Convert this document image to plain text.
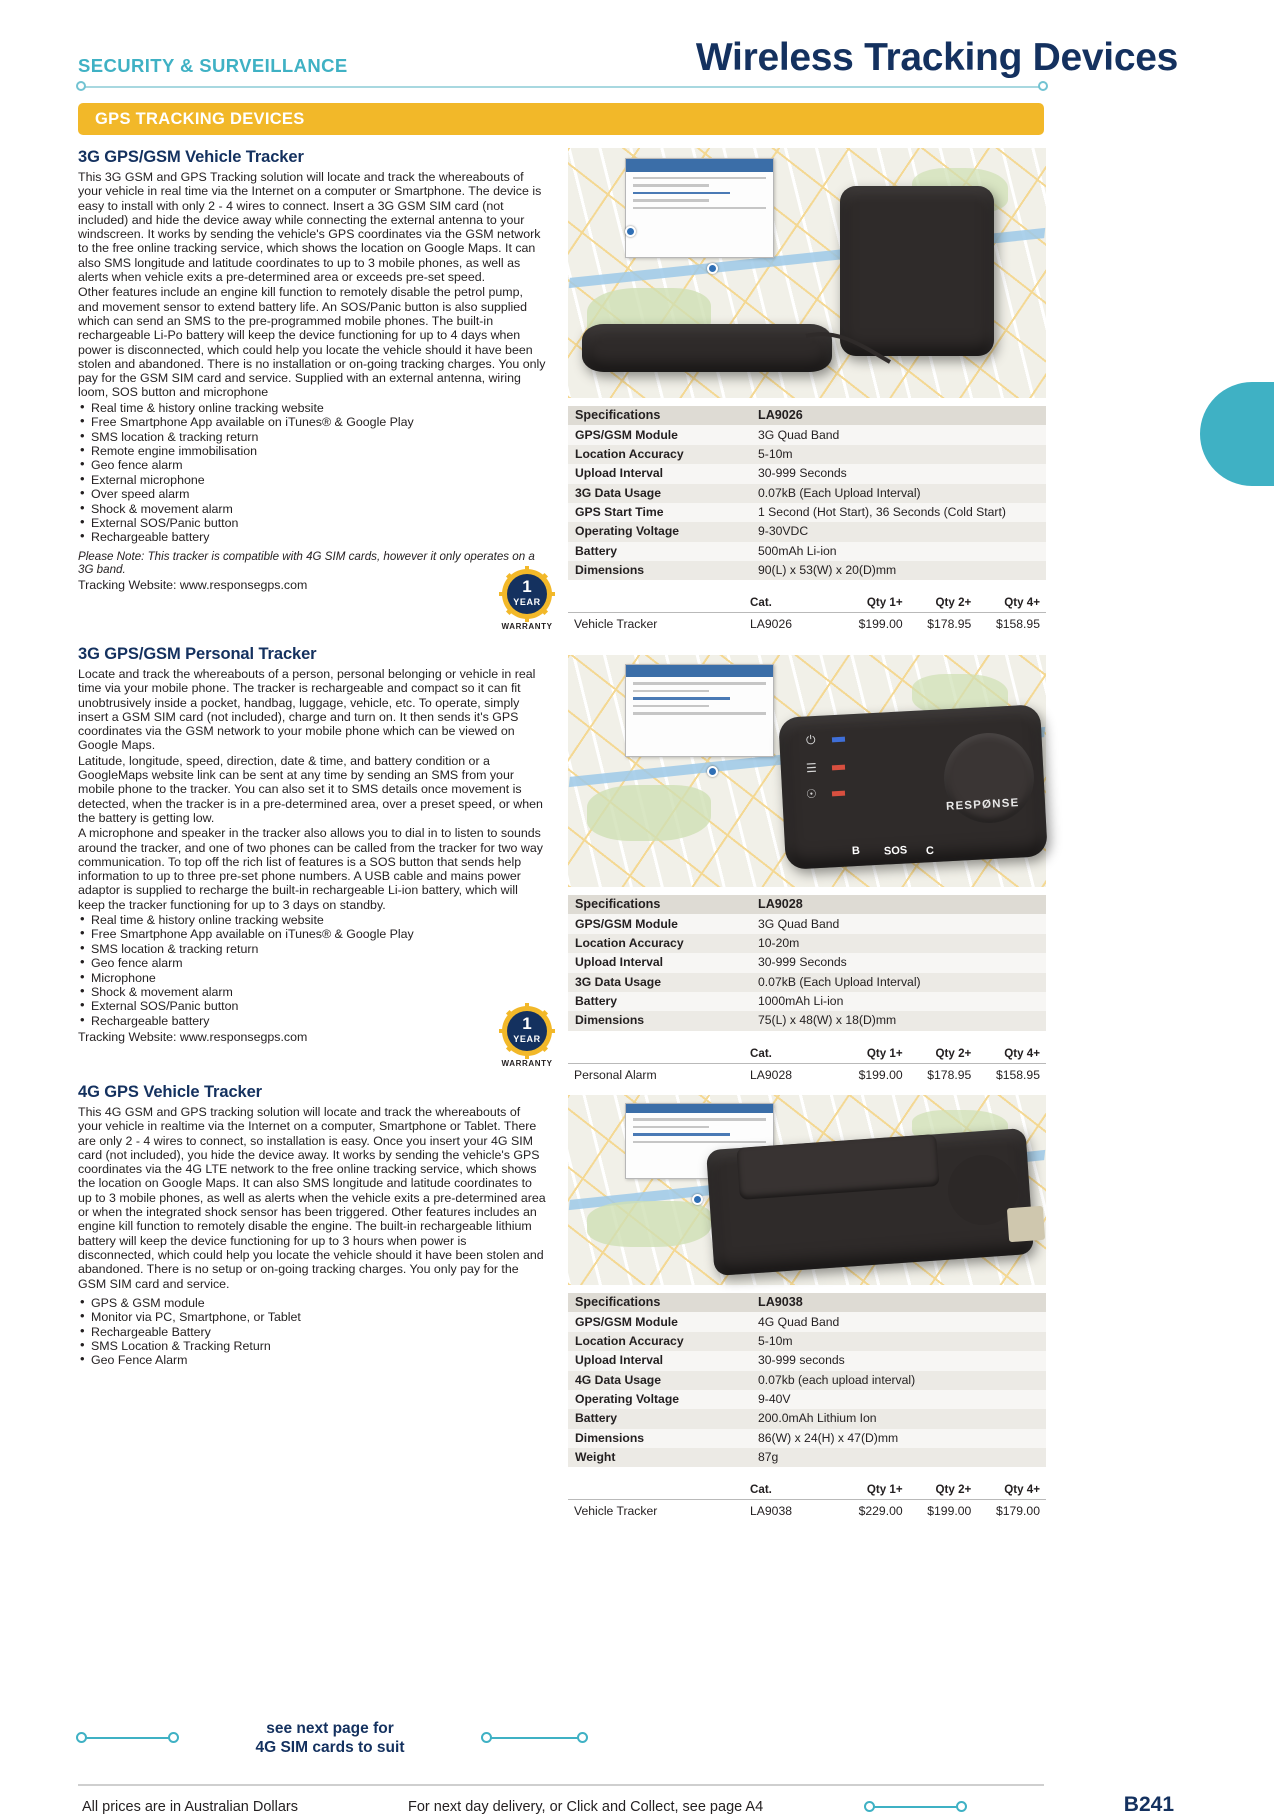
SECURITY & SURVEILLANCE	Wireless Tracking Devices
GPS TRACKING DEVICES
3G GPS/GSM Vehicle Tracker

This 3G GSM and GPS Tracking solution will locate and track the whereabouts of your vehicle in real time via the Internet on a computer or Smartphone. The device is easy to install with only 2 - 4 wires to connect. Insert a 3G GSM SIM card (not included) and hide the device away while connecting the external antenna to your windscreen. It works by sending the vehicle's GPS coordinates via the GSM network to the free online tracking service, which shows the location on Google Maps. It can also SMS longitude and latitude coordinates to up to 3 mobile phones, as well as alerts when vehicle exits a pre-determined area or exceeds pre-set speed.

Other features include an engine kill function to remotely disable the petrol pump, and movement sensor to extend battery life. An SOS/Panic button is also supplied which can send an SMS to the pre-programmed mobile phones. The built-in rechargeable Li-Po battery will keep the device functioning for up to 4 days when power is disconnected, which could help you locate the vehicle should it have been stolen and abandoned. There is no installation or on-going tracking charges. You only pay for the GSM SIM card and service. Supplied with an external antenna, wiring loom, SOS button and microphone

• Real time & history online tracking website
• Free Smartphone App available on iTunes® & Google Play
• SMS location & tracking return
• Remote engine immobilisation
• Geo fence alarm
• External microphone
• Over speed alarm
• Shock & movement alarm
• External SOS/Panic button
• Rechargeable battery

Please Note: This tracker is compatible with 4G SIM cards, however it only operates on a 3G band.

Tracking Website: www.responsegps.com	1
YEAR
WARRANTY
Specifications	LA9026
GPS/GSM Module	3G Quad Band
Location Accuracy	5-10m
Upload Interval	30-999 Seconds
3G Data Usage	0.07kB (Each Upload Interval)
GPS Start Time	1 Second (Hot Start), 36 Seconds (Cold Start)
Operating Voltage	9-30VDC
Battery	500mAh Li-ion
Dimensions	90(L) x 53(W) x 20(D)mm
	Cat.	Qty 1+	Qty 2+	Qty 4+
Vehicle Tracker	LA9026	$199.00	$178.95	$158.95
3G GPS/GSM Personal Tracker

Locate and track the whereabouts of a person, personal belonging or vehicle in real time via your mobile phone. The tracker is rechargeable and compact so it can fit unobtrusively inside a pocket, handbag, luggage, vehicle, etc. To operate, simply insert a GSM SIM card (not included), charge and turn on. It then sends it's GPS coordinates via the GSM network to your mobile phone which can be viewed on Google Maps.

Latitude, longitude, speed, direction, date & time, and battery condition or a GoogleMaps website link can be sent at any time by sending an SMS from your mobile phone to the tracker. You can also set it to SMS details once movement is detected, when the tracker is in a pre-determined area, over a preset speed, or when the battery is getting low.

A microphone and speaker in the tracker also allows you to dial in to listen to sounds around the tracker, and one of two phones can be called from the tracker for two way communication. To top off the rich list of features is a SOS button that sends help information to up to three pre-set phone numbers. A USB cable and mains power adaptor is supplied to recharge the built-in rechargeable Li-ion battery, which will keep the tracker functioning for up to 3 days on standby.

• Real time & history online tracking website
• Free Smartphone App available on iTunes® & Google Play
• SMS location & tracking return
• Geo fence alarm
• Microphone
• Shock & movement alarm
• External SOS/Panic button
• Rechargeable battery

Tracking Website: www.responsegps.com

1
YEAR
WARRANTY
RESPØNSE
⏻
☰
☉
B SOS C
Specifications	LA9028
GPS/GSM Module	3G Quad Band
Location Accuracy	10-20m
Upload Interval	30-999 Seconds
3G Data Usage	0.07kB (Each Upload Interval)
Battery	1000mAh Li-ion
Dimensions	75(L) x 48(W) x 18(D)mm
	Cat.	Qty 1+	Qty 2+	Qty 4+
Personal Alarm	LA9028	$199.00	$178.95	$158.95
4G GPS Vehicle Tracker

This 4G GSM and GPS tracking solution will locate and track the whereabouts of your vehicle in realtime via the Internet on a computer, Smartphone or Tablet. There are only 2 - 4 wires to connect, so installation is easy. Once you insert your 4G SIM card (not included), you hide the device away. It works by sending the vehicle's GPS coordinates via the 4G LTE network to the free online tracking service, which shows the location on Google Maps. It can also SMS longitude and latitude coordinates to up to 3 mobile phones, as well as alerts when the vehicle exits a pre-determined area or when the integrated shock sensor has been triggered. Other features includes an engine kill function to remotely disable the engine. The built-in rechargeable lithium battery will keep the device functioning for up to 3 hours when power is disconnected, which could help you locate the vehicle should it have been stolen and abandoned. There is no setup or on-going tracking charges. You only pay for the GSM SIM card and service.

• GPS & GSM module
• Monitor via PC, Smartphone, or Tablet
• Rechargeable Battery
• SMS Location & Tracking Return
• Geo Fence Alarm
Specifications	LA9038
GPS/GSM Module	4G Quad Band
Location Accuracy	5-10m
Upload Interval	30-999 seconds
4G Data Usage	0.07kb (each upload interval)
Operating Voltage	9-40V
Battery	200.0mAh Lithium Ion
Dimensions	86(W) x 24(H) x 47(D)mm
Weight	87g
	Cat.	Qty 1+	Qty 2+	Qty 4+
Vehicle Tracker	LA9038	$229.00	$199.00	$179.00
see next page for
4G SIM cards to suit
All prices are in Australian Dollars	For next day delivery, or Click and Collect, see page A4	B241
